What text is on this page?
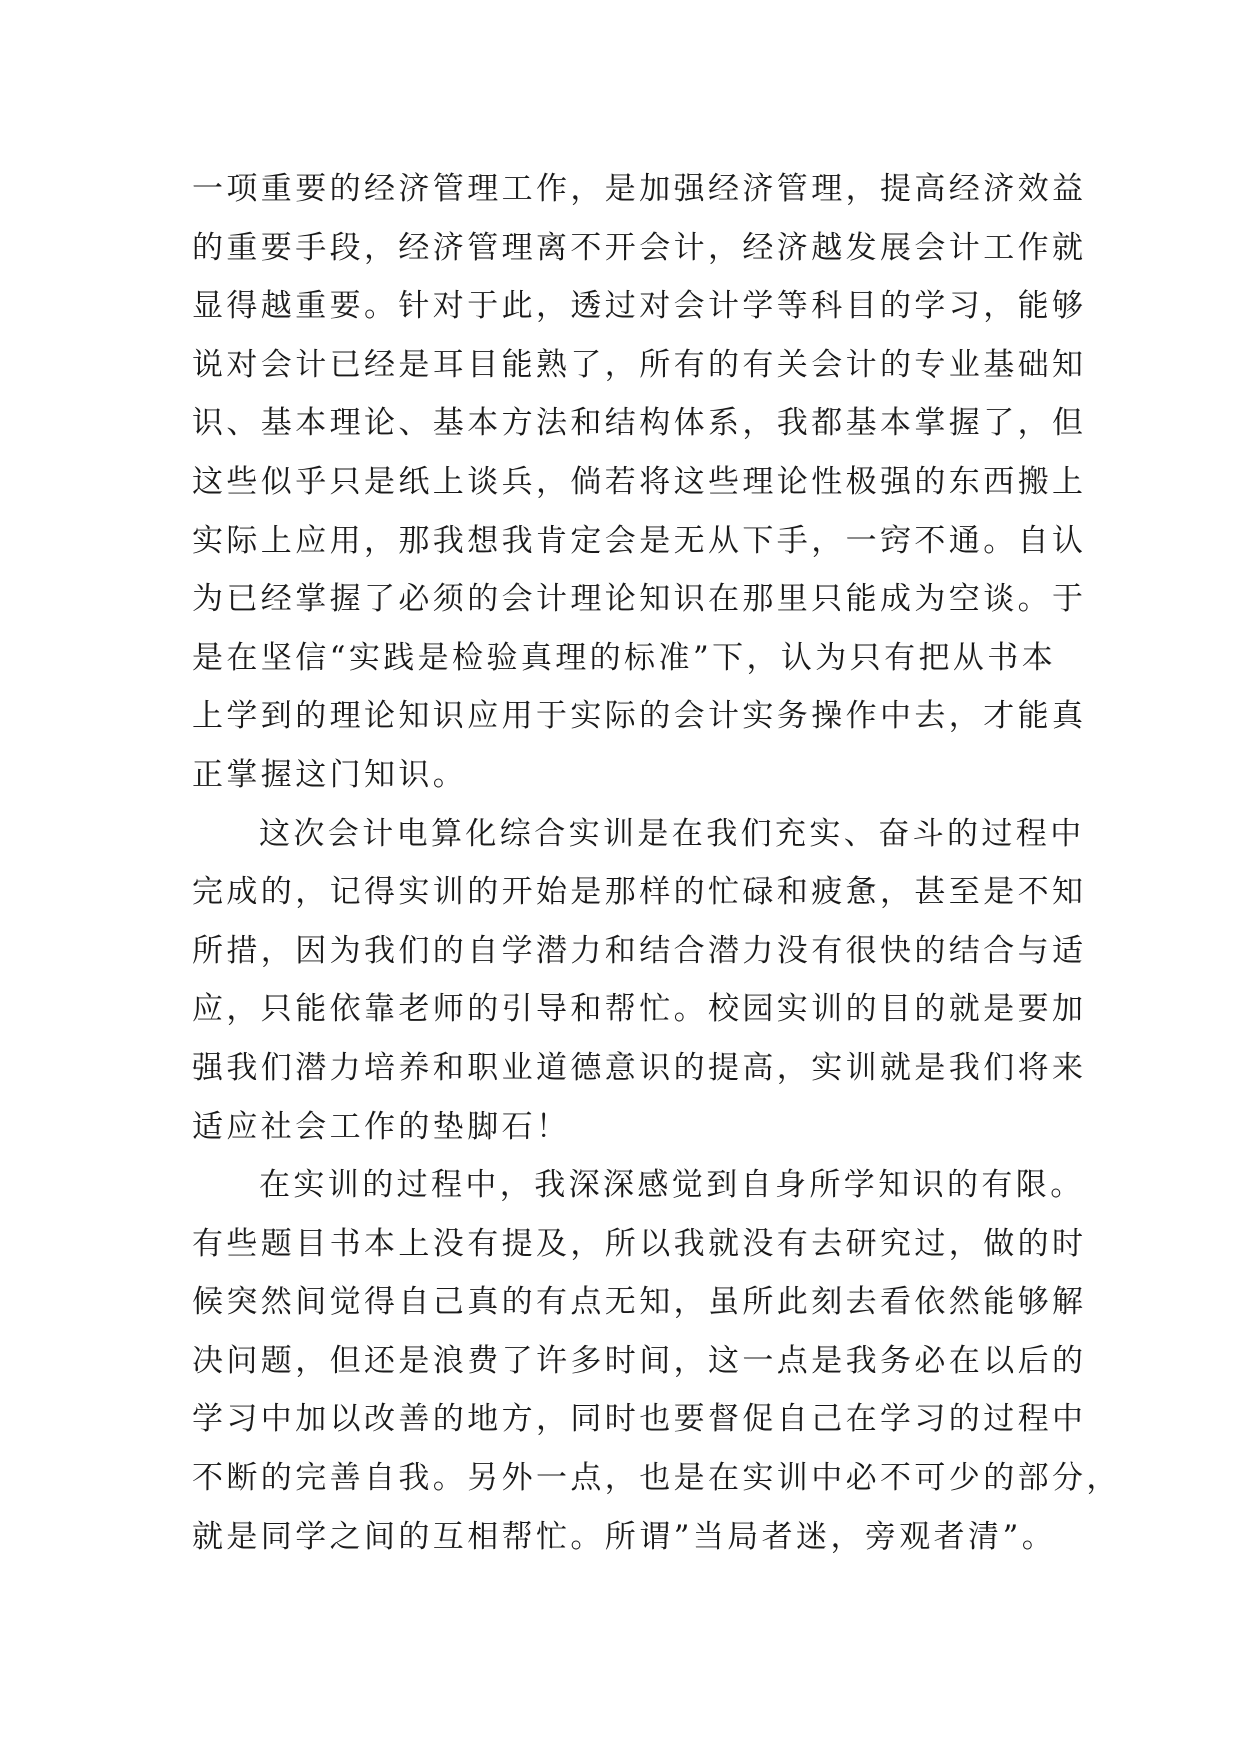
一项重要的经济管理工作，是加强经济管理，提高经济效益
的重要手段，经济管理离不开会计，经济越发展会计工作就
显得越重要。针对于此，透过对会计学等科目的学习，能够
说对会计已经是耳目能熟了，所有的有关会计的专业基础知
识、基本理论、基本方法和结构体系，我都基本掌握了，但
这些似乎只是纸上谈兵，倘若将这些理论性极强的东西搬上
实际上应用，那我想我肯定会是无从下手，一窍不通。自认
为已经掌握了必须的会计理论知识在那里只能成为空谈。于
是在坚信“实践是检验真理的标准”下，认为只有把从书本
上学到的理论知识应用于实际的会计实务操作中去，才能真
正掌握这门知识。
这次会计电算化综合实训是在我们充实、奋斗的过程中
完成的，记得实训的开始是那样的忙碌和疲惫，甚至是不知
所措，因为我们的自学潜力和结合潜力没有很快的结合与适
应，只能依靠老师的引导和帮忙。校园实训的目的就是要加
强我们潜力培养和职业道德意识的提高，实训就是我们将来
适应社会工作的垫脚石！
在实训的过程中，我深深感觉到自身所学知识的有限。
有些题目书本上没有提及，所以我就没有去研究过，做的时
候突然间觉得自己真的有点无知，虽所此刻去看依然能够解
决问题，但还是浪费了许多时间，这一点是我务必在以后的
学习中加以改善的地方，同时也要督促自己在学习的过程中
不断的完善自我。另外一点，也是在实训中必不可少的部分，
就是同学之间的互相帮忙。所谓”当局者迷，旁观者清”。
